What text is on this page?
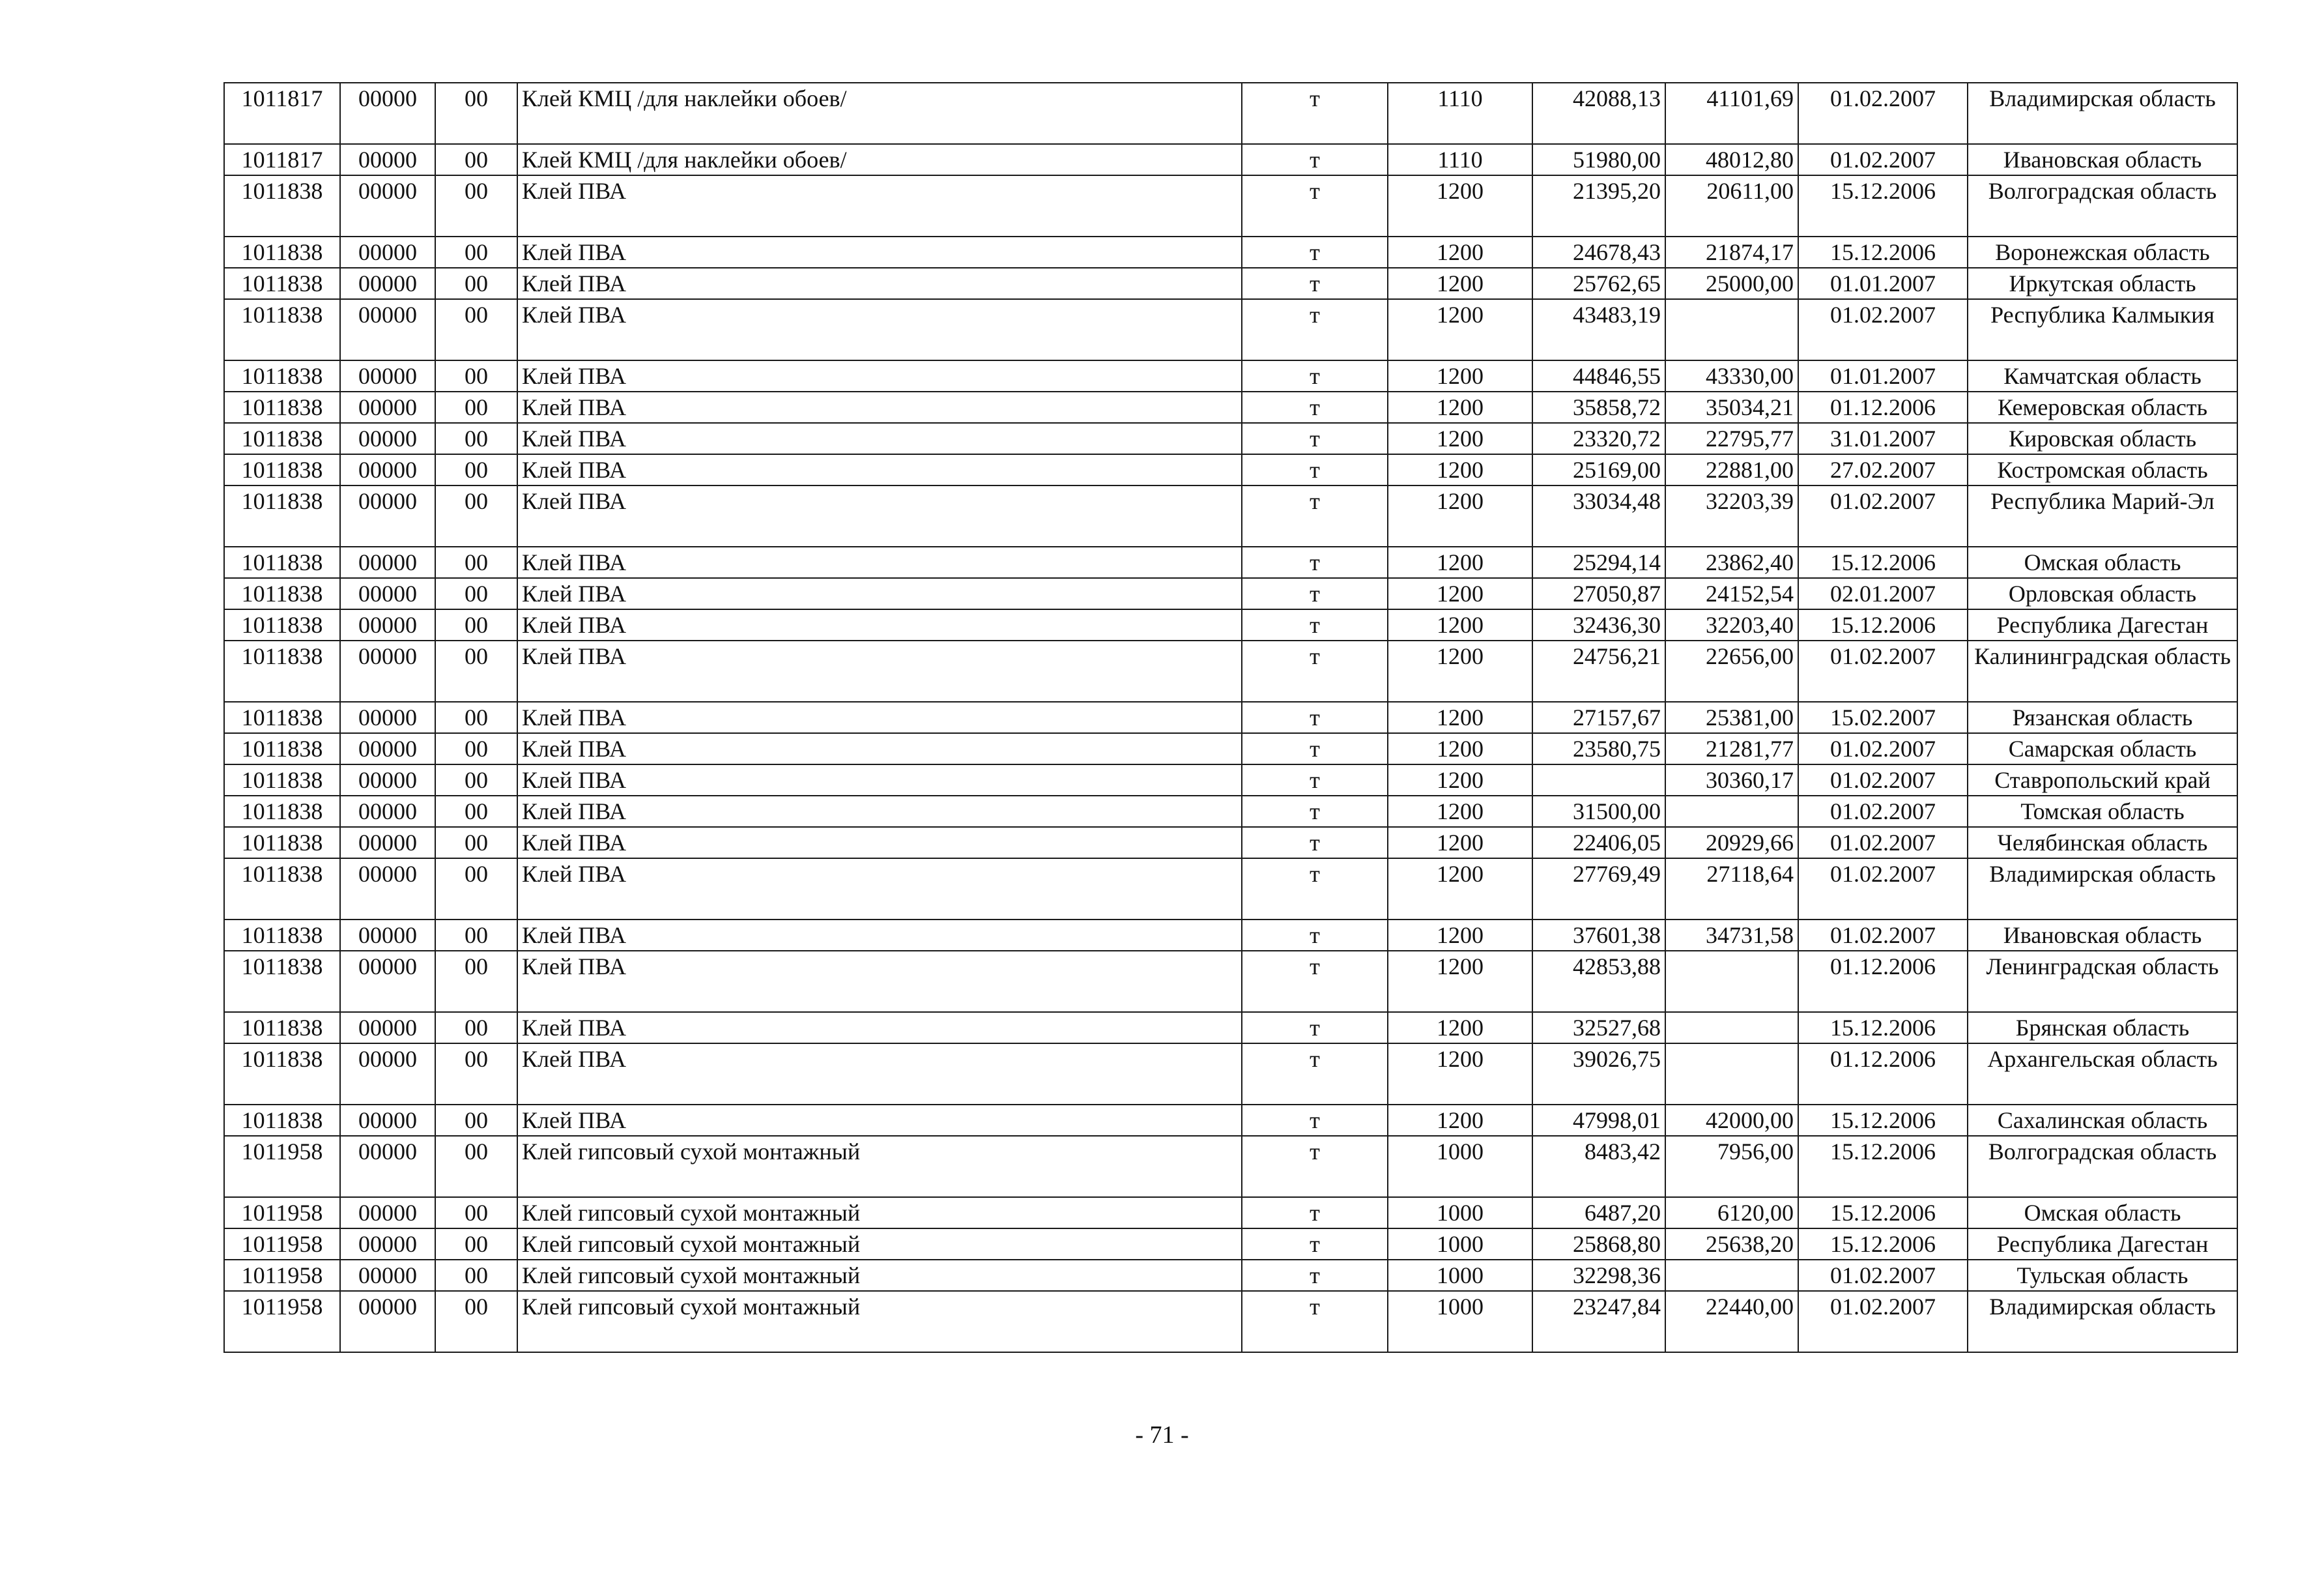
1011817	00000	00	Клей КМЦ /для наклейки обоев/	т	1110	42088,13	41101,69	01.02.2007	Владимирская область
1011817	00000	00	Клей КМЦ /для наклейки обоев/	т	1110	51980,00	48012,80	01.02.2007	Ивановская область
1011838	00000	00	Клей ПВА	т	1200	21395,20	20611,00	15.12.2006	Волгоградская область
1011838	00000	00	Клей ПВА	т	1200	24678,43	21874,17	15.12.2006	Воронежская область
1011838	00000	00	Клей ПВА	т	1200	25762,65	25000,00	01.01.2007	Иркутская область
1011838	00000	00	Клей ПВА	т	1200	43483,19		01.02.2007	Республика Калмыкия
1011838	00000	00	Клей ПВА	т	1200	44846,55	43330,00	01.01.2007	Камчатская область
1011838	00000	00	Клей ПВА	т	1200	35858,72	35034,21	01.12.2006	Кемеровская область
1011838	00000	00	Клей ПВА	т	1200	23320,72	22795,77	31.01.2007	Кировская область
1011838	00000	00	Клей ПВА	т	1200	25169,00	22881,00	27.02.2007	Костромская область
1011838	00000	00	Клей ПВА	т	1200	33034,48	32203,39	01.02.2007	Республика Марий-Эл
1011838	00000	00	Клей ПВА	т	1200	25294,14	23862,40	15.12.2006	Омская область
1011838	00000	00	Клей ПВА	т	1200	27050,87	24152,54	02.01.2007	Орловская область
1011838	00000	00	Клей ПВА	т	1200	32436,30	32203,40	15.12.2006	Республика Дагестан
1011838	00000	00	Клей ПВА	т	1200	24756,21	22656,00	01.02.2007	Калининградская область
1011838	00000	00	Клей ПВА	т	1200	27157,67	25381,00	15.02.2007	Рязанская область
1011838	00000	00	Клей ПВА	т	1200	23580,75	21281,77	01.02.2007	Самарская область
1011838	00000	00	Клей ПВА	т	1200		30360,17	01.02.2007	Ставропольский край
1011838	00000	00	Клей ПВА	т	1200	31500,00		01.02.2007	Томская область
1011838	00000	00	Клей ПВА	т	1200	22406,05	20929,66	01.02.2007	Челябинская область
1011838	00000	00	Клей ПВА	т	1200	27769,49	27118,64	01.02.2007	Владимирская область
1011838	00000	00	Клей ПВА	т	1200	37601,38	34731,58	01.02.2007	Ивановская область
1011838	00000	00	Клей ПВА	т	1200	42853,88		01.12.2006	Ленинградская область
1011838	00000	00	Клей ПВА	т	1200	32527,68		15.12.2006	Брянская область
1011838	00000	00	Клей ПВА	т	1200	39026,75		01.12.2006	Архангельская область
1011838	00000	00	Клей ПВА	т	1200	47998,01	42000,00	15.12.2006	Сахалинская область
1011958	00000	00	Клей гипсовый сухой монтажный	т	1000	8483,42	7956,00	15.12.2006	Волгоградская область
1011958	00000	00	Клей гипсовый сухой монтажный	т	1000	6487,20	6120,00	15.12.2006	Омская область
1011958	00000	00	Клей гипсовый сухой монтажный	т	1000	25868,80	25638,20	15.12.2006	Республика Дагестан
1011958	00000	00	Клей гипсовый сухой монтажный	т	1000	32298,36		01.02.2007	Тульская область
1011958	00000	00	Клей гипсовый сухой монтажный	т	1000	23247,84	22440,00	01.02.2007	Владимирская область
- 71 -
